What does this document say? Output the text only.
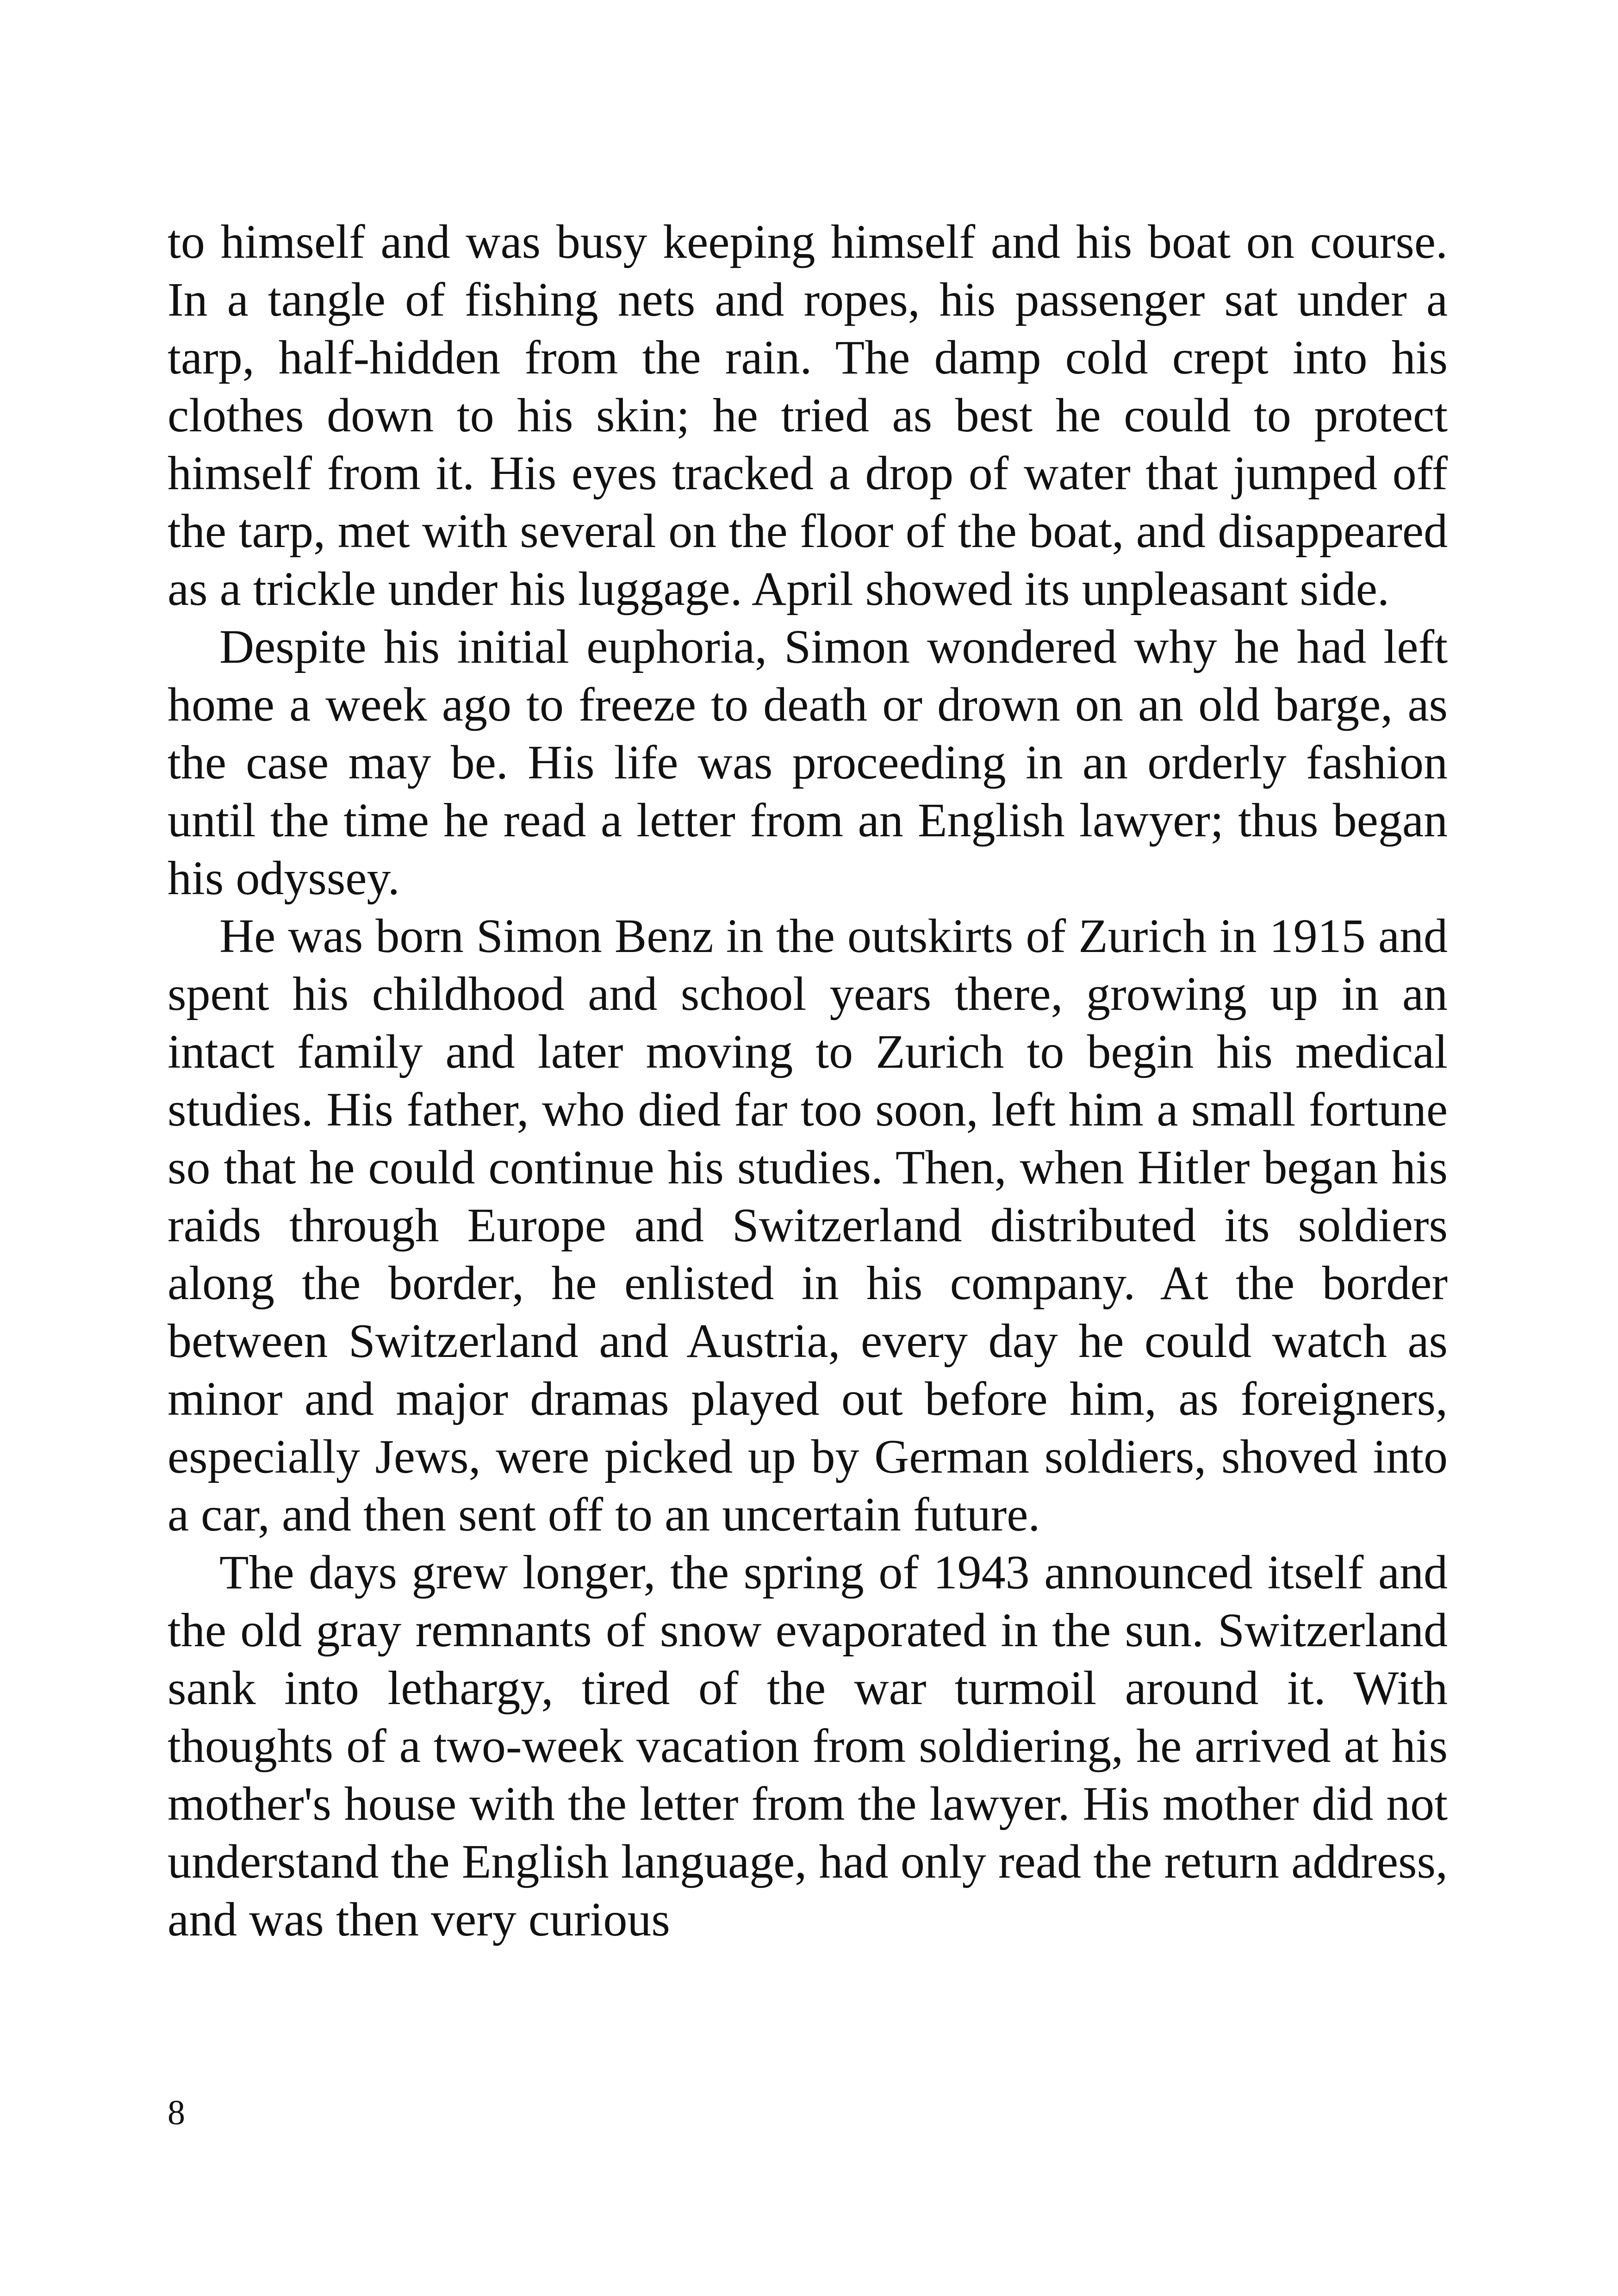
to himself and was busy keeping himself and his boat on course. In a tangle of fishing nets and ropes, his passenger sat under a tarp, half-hidden from the rain. The damp cold crept into his clothes down to his skin; he tried as best he could to protect himself from it. His eyes tracked a drop of water that jumped off the tarp, met with several on the floor of the boat, and disappeared as a trickle under his luggage. April showed its unpleasant side.

Despite his initial euphoria, Simon wondered why he had left home a week ago to freeze to death or drown on an old barge, as the case may be. His life was proceeding in an orderly fashion until the time he read a letter from an English lawyer; thus began his odyssey.

He was born Simon Benz in the outskirts of Zurich in 1915 and spent his childhood and school years there, growing up in an intact family and later moving to Zurich to begin his medical studies. His father, who died far too soon, left him a small fortune so that he could continue his studies. Then, when Hitler began his raids through Europe and Switzerland distributed its soldiers along the border, he enlisted in his company. At the border between Switzerland and Austria, every day he could watch as minor and major dramas played out before him, as foreigners, especially Jews, were picked up by German soldiers, shoved into a car, and then sent off to an uncertain future.

The days grew longer, the spring of 1943 announced itself and the old gray remnants of snow evaporated in the sun. Switzerland sank into lethargy, tired of the war turmoil around it. With thoughts of a two-week vacation from soldiering, he arrived at his mother's house with the letter from the lawyer. His mother did not understand the English language, had only read the return address, and was then very curious

8
